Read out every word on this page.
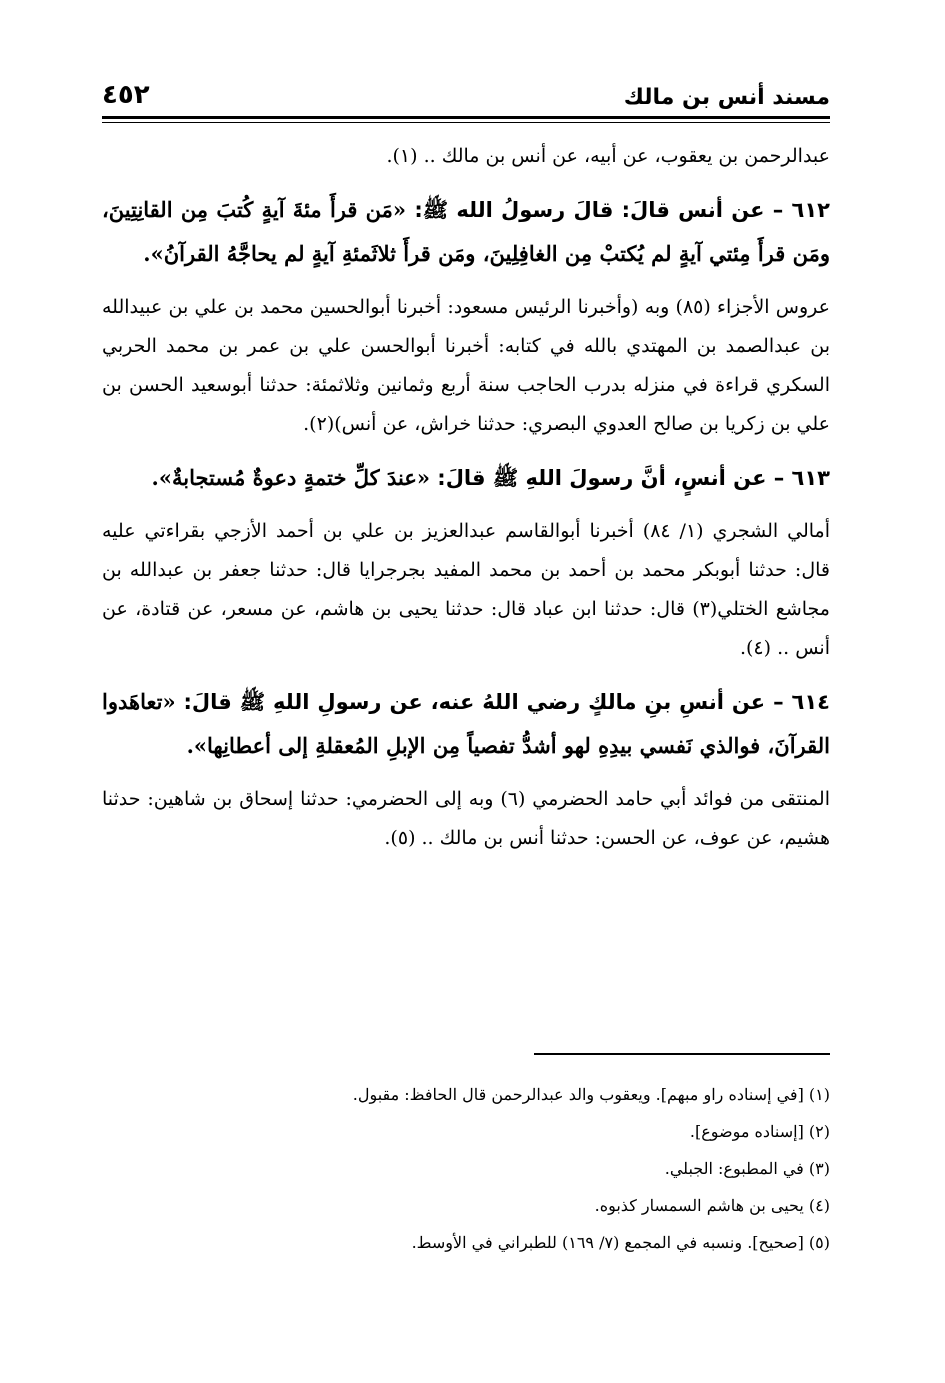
مسند أنس بن مالك
٤٥٢

عبدالرحمن بن يعقوب، عن أبيه، عن أنس بن مالك .. (١).

٦١٢ – عن أنس قالَ: قالَ رسولُ الله ﷺ: «مَن قرأَ مئةَ آيةٍ كُتبَ مِن القانِتِينَ، ومَن قرأَ مِئتي آيةٍ لم يُكتبْ مِن الغافِلِينَ، ومَن قرأَ ثلاثَمئةِ آيةٍ لم يحاجَّهُ القرآنُ».

عروس الأجزاء (٨٥) وبه (وأخبرنا الرئيس مسعود: أخبرنا أبوالحسين محمد بن علي بن عبيدالله بن عبدالصمد بن المهتدي بالله في كتابه: أخبرنا أبوالحسن علي بن عمر بن محمد الحربي السكري قراءة في منزله بدرب الحاجب سنة أربع وثمانين وثلاثمئة: حدثنا أبوسعيد الحسن بن علي بن زكريا بن صالح العدوي البصري: حدثنا خراش، عن أنس)(٢).

٦١٣ – عن أنسٍ، أنَّ رسولَ اللهِ ﷺ قالَ: «عندَ كلِّ ختمةٍ دعوةٌ مُستجابةٌ».

أمالي الشجري (١/ ٨٤) أخبرنا أبوالقاسم عبدالعزيز بن علي بن أحمد الأزجي بقراءتي عليه قال: حدثنا أبوبكر محمد بن أحمد بن محمد المفيد بجرجرايا قال: حدثنا جعفر بن عبدالله بن مجاشع الختلي(٣) قال: حدثنا ابن عباد قال: حدثنا يحيى بن هاشم، عن مسعر، عن قتادة، عن أنس .. (٤).

٦١٤ – عن أنسِ بنِ مالكٍ رضي اللهُ عنه، عن رسولِ اللهِ ﷺ قالَ: «تعاهَدوا القرآنَ، فوالذي نَفسي بيدِهِ لهو أشدُّ تفصياً مِن الإبلِ المُعقلةِ إلى أعطانِها».

المنتقى من فوائد أبي حامد الحضرمي (٦) وبه إلى الحضرمي: حدثنا إسحاق بن شاهين: حدثنا هشيم، عن عوف، عن الحسن: حدثنا أنس بن مالك .. (٥).

(١) [في إسناده راو مبهم]. ويعقوب والد عبدالرحمن قال الحافظ: مقبول.
(٢) [إسناده موضوع].
(٣) في المطبوع: الجبلي.
(٤) يحيى بن هاشم السمسار كذبوه.
(٥) [صحيح]. ونسبه في المجمع (٧/ ١٦٩) للطبراني في الأوسط.
